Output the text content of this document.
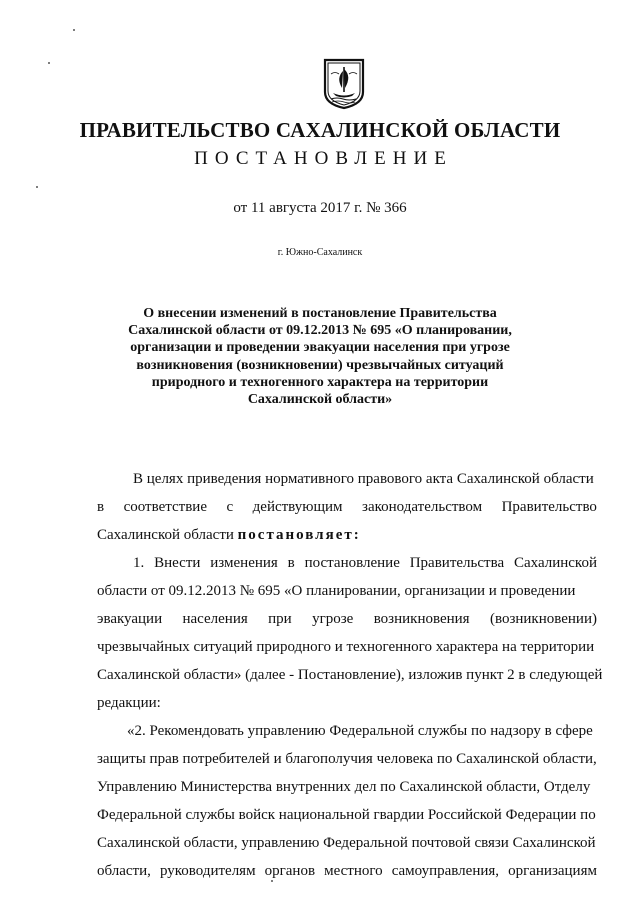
ПРАВИТЕЛЬСТВО САХАЛИНСКОЙ ОБЛАСТИ
ПОСТАНОВЛЕНИЕ
от 11 августа 2017 г. № 366
г. Южно-Сахалинск
О внесении изменений в постановление Правительства Сахалинской области от 09.12.2013 № 695 «О планировании, организации и проведении эвакуации населения при угрозе возникновения (возникновении) чрезвычайных ситуаций природного и техногенного характера на территории Сахалинской области»
В целях приведения нормативного правового акта Сахалинской области
в соответствие с действующим законодательством Правительство
Сахалинской области постановляет:
1. Внести изменения в постановление Правительства Сахалинской
области от 09.12.2013 № 695 «О планировании, организации и проведении
эвакуации населения при угрозе возникновения (возникновении)
чрезвычайных ситуаций природного и техногенного характера на территории
Сахалинской области» (далее - Постановление), изложив пункт 2 в следующей
редакции:
«2. Рекомендовать управлению Федеральной службы по надзору в сфере
защиты прав потребителей и благополучия человека по Сахалинской области,
Управлению Министерства внутренних дел по Сахалинской области, Отделу
Федеральной службы войск национальной гвардии Российской Федерации по
Сахалинской области, управлению Федеральной почтовой связи Сахалинской
области, руководителям органов местного самоуправления, организациям
